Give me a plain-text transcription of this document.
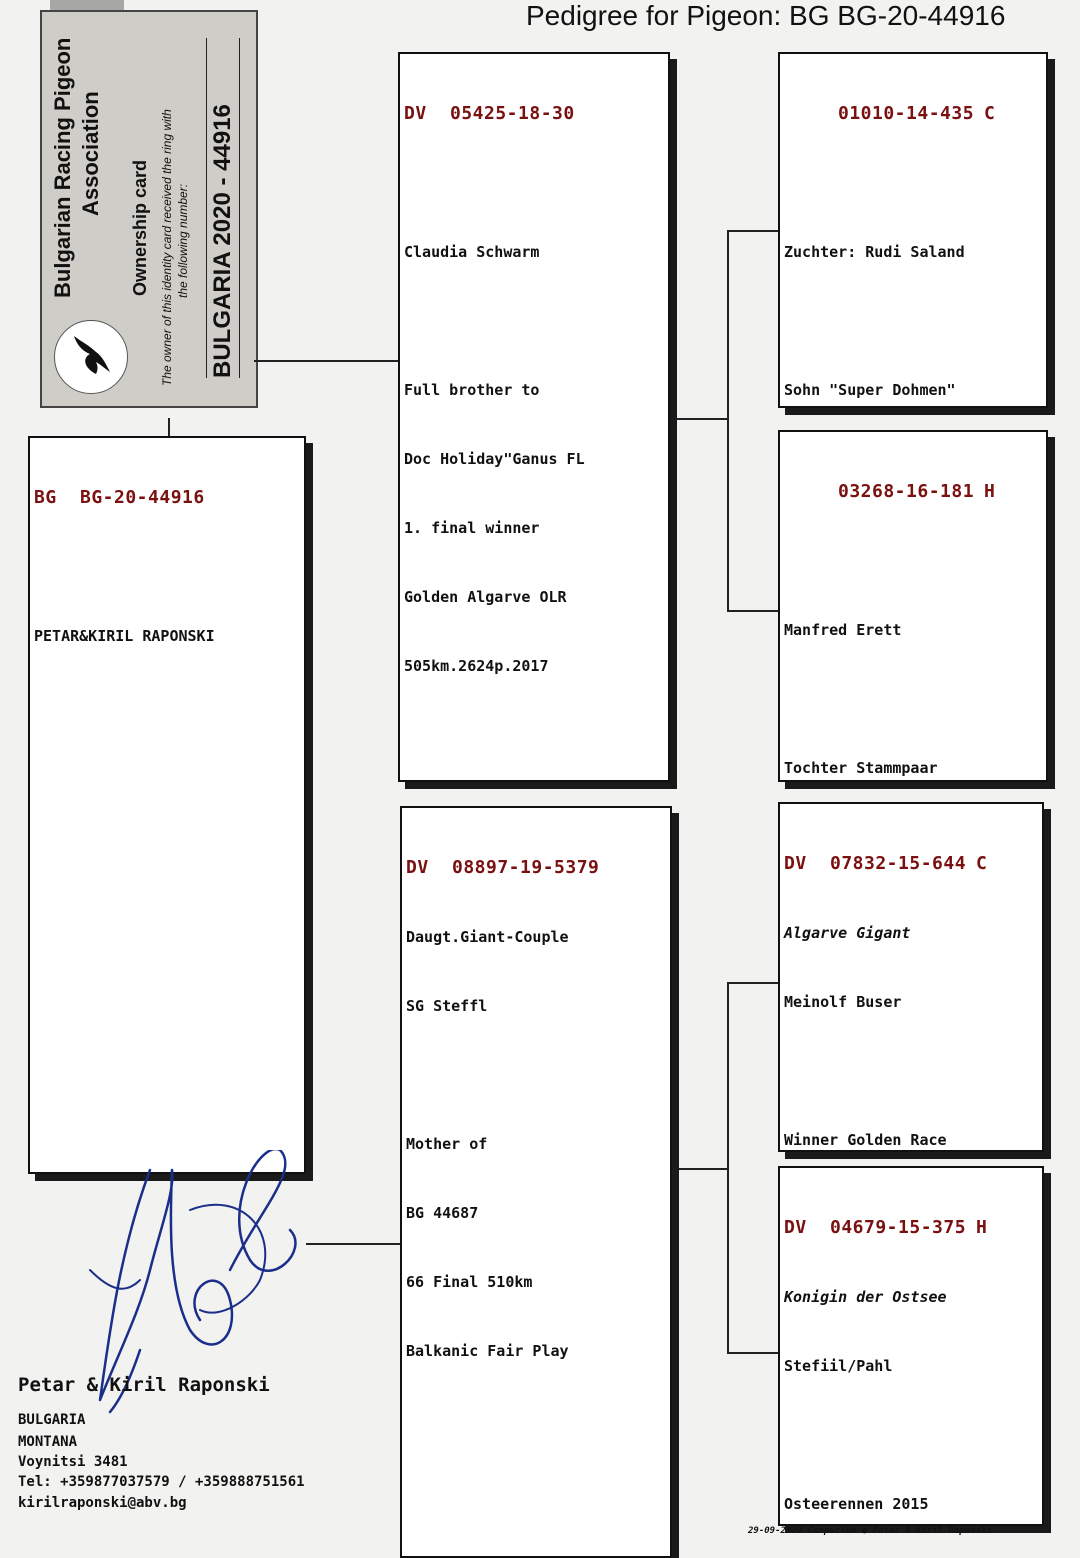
Pedigree for Pigeon: BG BG-20-44916
Bulgarian Racing Pigeon Association
Ownership card The owner of this identity card received the ring with the following number: BULGARIA 2020 - 44916

BG BG-20-44916

PETAR&KIRIL RAPONSKI

DV 05425-18-30

Claudia Schwarm

Full brother to

Doc Holiday"Ganus FL

1. final winner

Golden Algarve OLR

505km.2624p.2017

DV 08897-19-5379

Daugt.Giant-Couple

SG Steffl

Mother of

BG 44687

66 Final 510km

Balkanic Fair Play

01010-14-435 C

Zuchter: Rudi Saland

Sohn "Super Dohmen"

03268-16-181 H

Manfred Erett

Tochter Stammpaar

DV 07832-15-644 C

Algarve Gigant

Meinolf Buser

Winner Golden Race

DV 04679-15-375 H

Konigin der Ostsee

Stefiil/Pahl

Osteerennen 2015

Petar & Kiril Raponski
BULGARIA
MONTANA
Voynitsi 3481
Tel: +359877037579 / +359888751561
kirilraponski@abv.bg
29-09-2020 Compuclub ● Petar & Kiril Raponski
